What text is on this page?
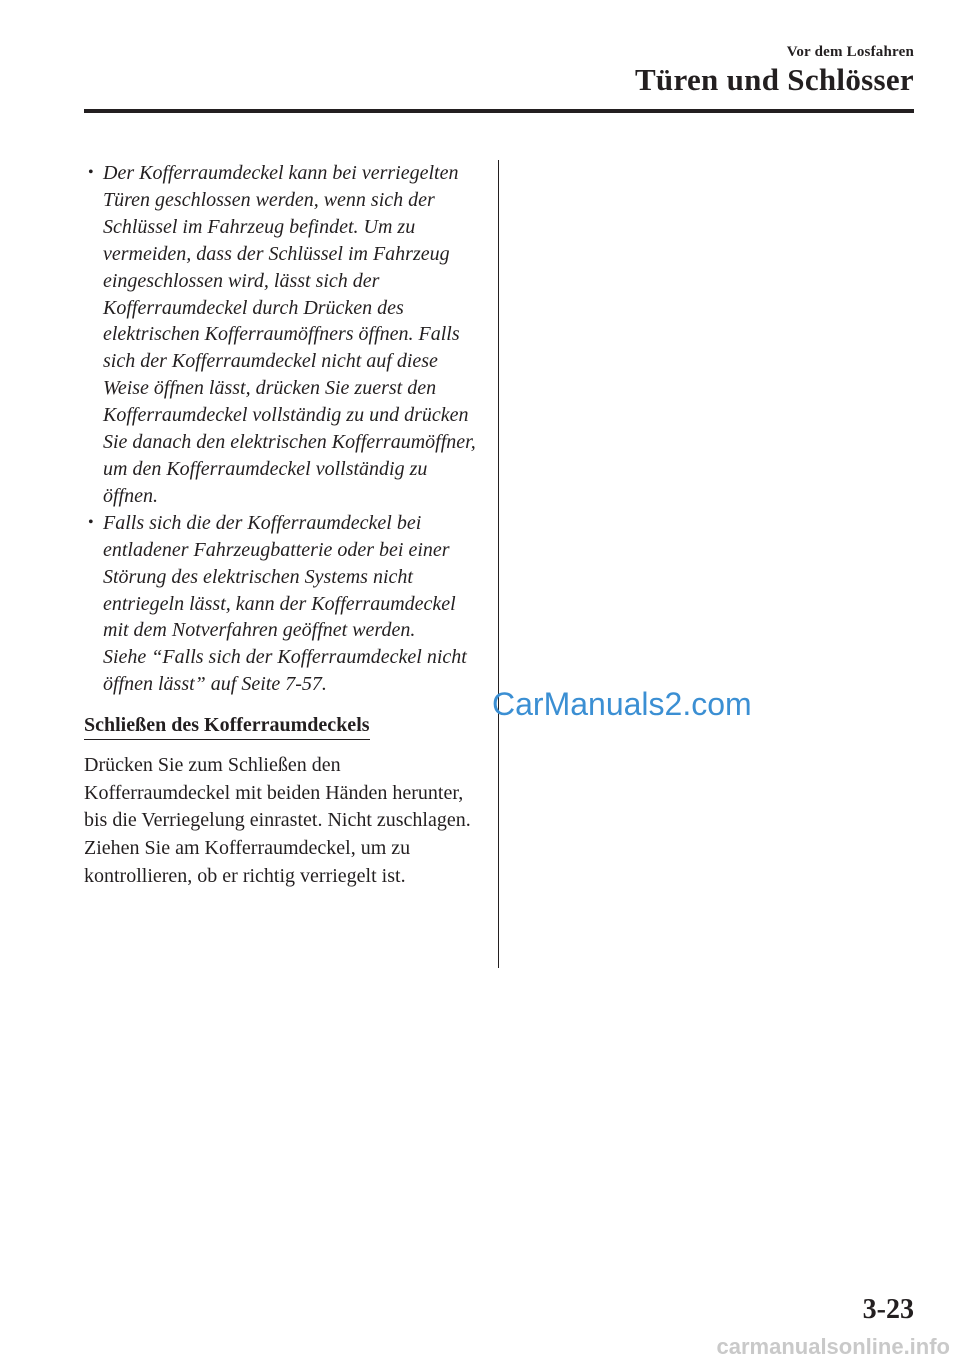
Vor dem Losfahren
Türen und Schlösser
• Der Kofferraumdeckel kann bei verriegelten Türen geschlossen werden, wenn sich der Schlüssel im Fahrzeug befindet. Um zu vermeiden, dass der Schlüssel im Fahrzeug eingeschlossen wird, lässt sich der Kofferraumdeckel durch Drücken des elektrischen Kofferraumöffners öffnen. Falls sich der Kofferraumdeckel nicht auf diese Weise öffnen lässt, drücken Sie zuerst den Kofferraumdeckel vollständig zu und drücken Sie danach den elektrischen Kofferraumöffner, um den Kofferraumdeckel vollständig zu öffnen.
• Falls sich die der Kofferraumdeckel bei entladener Fahrzeugbatterie oder bei einer Störung des elektrischen Systems nicht entriegeln lässt, kann der Kofferraumdeckel mit dem Notverfahren geöffnet werden.
Siehe “Falls sich der Kofferraumdeckel nicht öffnen lässt” auf Seite 7-57.
Schließen des Kofferraumdeckels

Drücken Sie zum Schließen den Kofferraumdeckel mit beiden Händen herunter, bis die Verriegelung einrastet. Nicht zuschlagen. Ziehen Sie am Kofferraumdeckel, um zu kontrollieren, ob er richtig verriegelt ist.

CarManuals2.com
3-23
carmanualsonline.info
